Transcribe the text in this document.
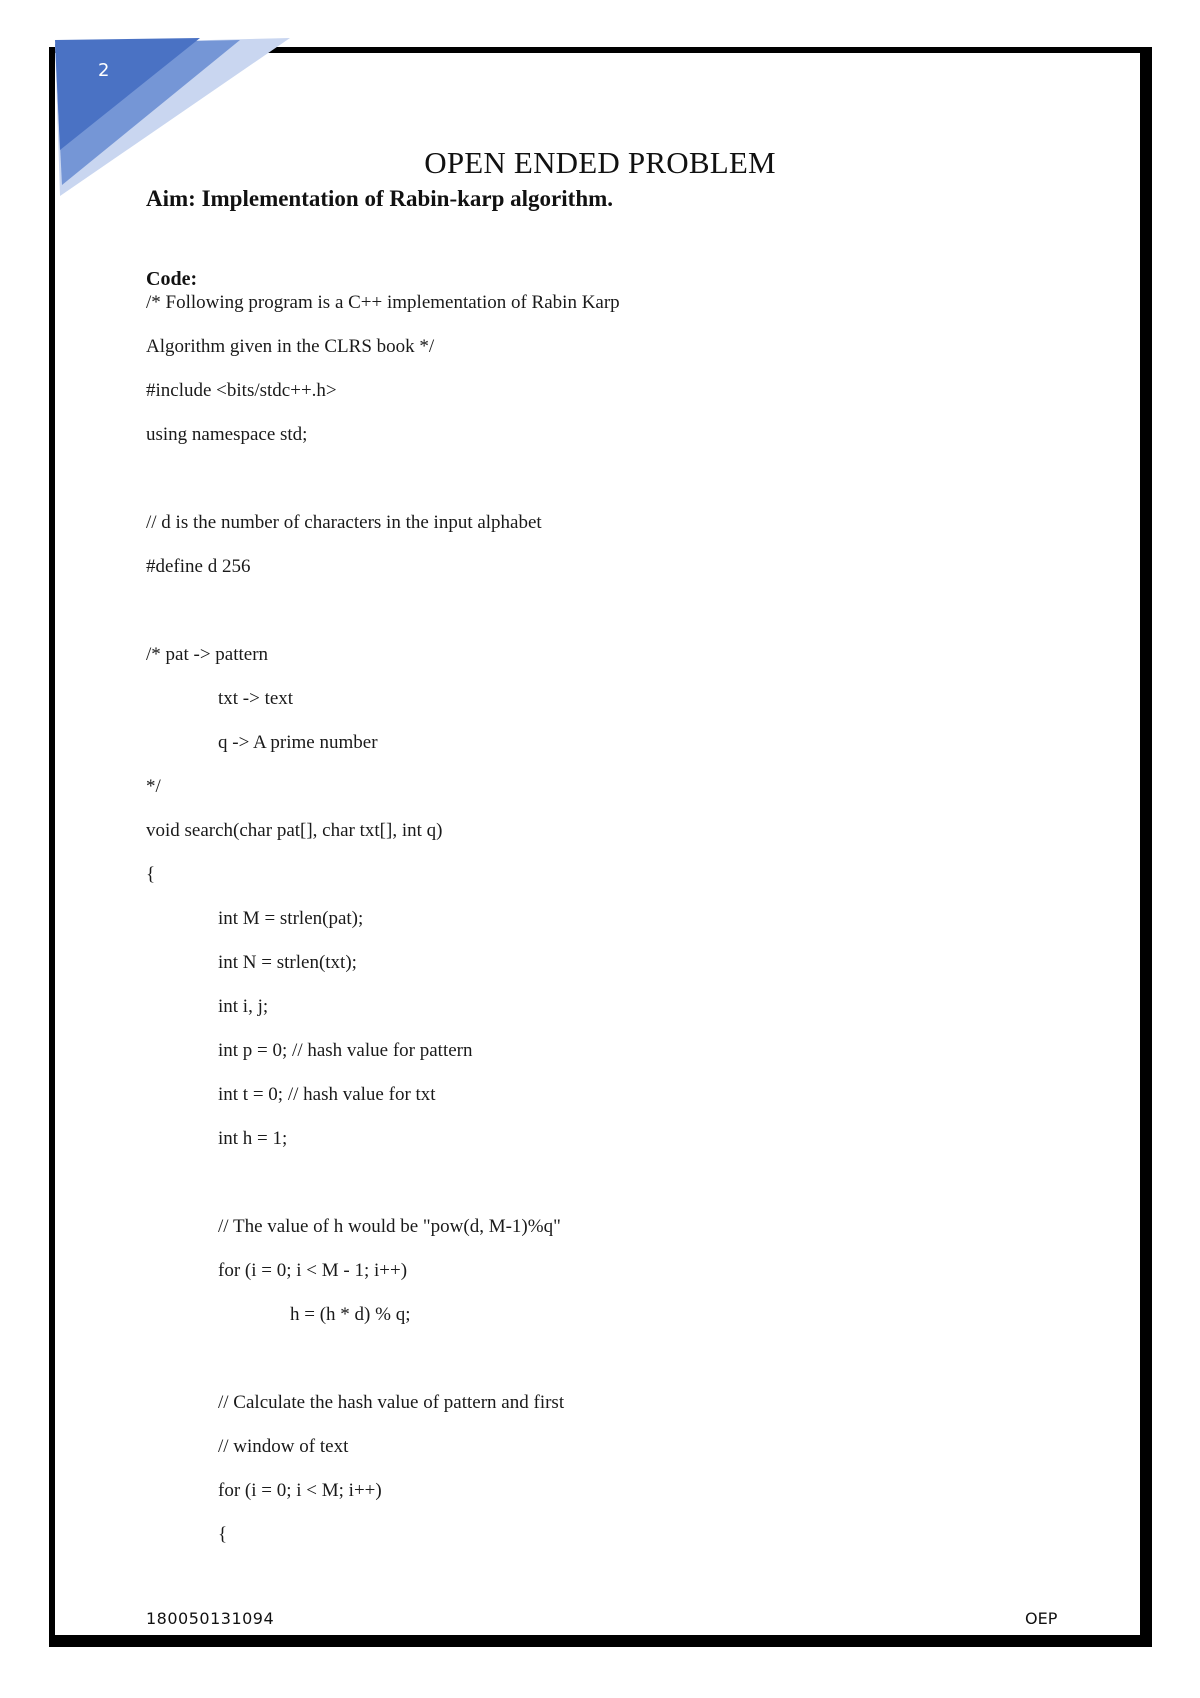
2
OPEN ENDED PROBLEM
Aim: Implementation of Rabin-karp algorithm.
Code:
/* Following program is a C++ implementation of Rabin Karp
Algorithm given in the CLRS book */
#include <bits/stdc++.h>
using namespace std;
// d is the number of characters in the input alphabet
#define d 256
/* pat -> pattern
txt -> text
q -> A prime number
*/
void search(char pat[], char txt[], int q)
{
int M = strlen(pat);
int N = strlen(txt);
int i, j;
int p = 0; // hash value for pattern
int t = 0; // hash value for txt
int h = 1;
// The value of h would be "pow(d, M-1)%q"
for (i = 0; i < M - 1; i++)
h = (h * d) % q;
// Calculate the hash value of pattern and first
// window of text
for (i = 0; i < M; i++)
{
180050131094	OEP
